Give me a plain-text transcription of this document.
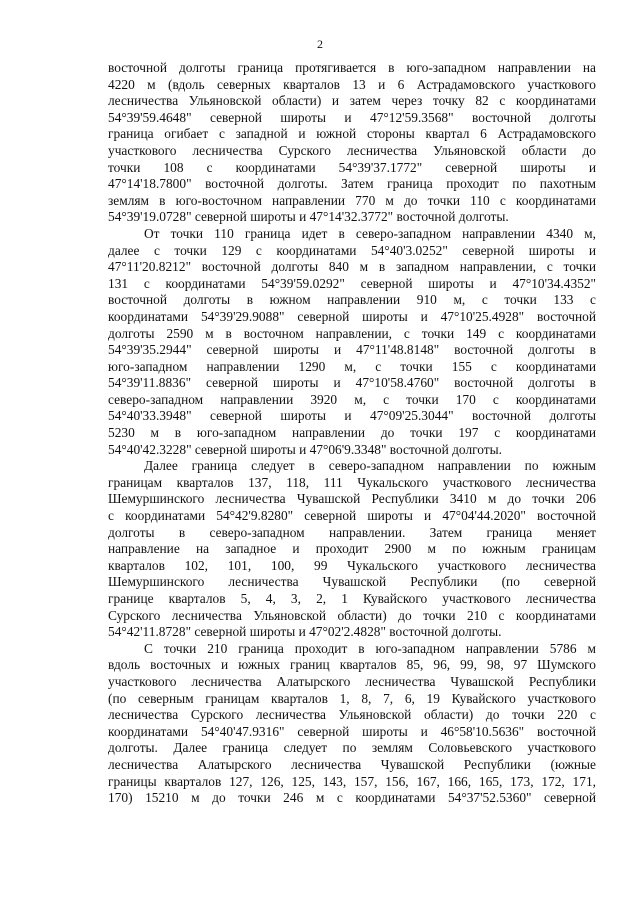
2
восточной долготы граница протягивается в юго-западном направлении на
4220 м (вдоль северных кварталов 13 и 6 Астрадамовского участкового
лесничества Ульяновской области) и затем через точку 82 с координатами
54°39'59.4648" северной широты и 47°12'59.3568" восточной долготы
граница огибает с западной и южной стороны квартал 6 Астрадамовского
участкового лесничества Сурского лесничества Ульяновской области до
точки 108 с координатами 54°39'37.1772" северной широты и
47°14'18.7800" восточной долготы. Затем граница проходит по пахотным
землям в юго-восточном направлении 770 м до точки 110 с координатами
54°39'19.0728" северной широты и 47°14'32.3772" восточной долготы.
От точки 110 граница идет в северо-западном направлении 4340 м,
далее с точки 129 с координатами 54°40'3.0252" северной широты и
47°11'20.8212" восточной долготы 840 м в западном направлении, с точки
131 с координатами 54°39'59.0292" северной широты и 47°10'34.4352"
восточной долготы в южном направлении 910 м, с точки 133 с
координатами 54°39'29.9088" северной широты и 47°10'25.4928" восточной
долготы 2590 м в восточном направлении, с точки 149 с координатами
54°39'35.2944" северной широты и 47°11'48.8148" восточной долготы в
юго-западном направлении 1290 м, с точки 155 с координатами
54°39'11.8836" северной широты и 47°10'58.4760" восточной долготы в
северо-западном направлении 3920 м, с точки 170 с координатами
54°40'33.3948" северной широты и 47°09'25.3044" восточной долготы
5230 м в юго-западном направлении до точки 197 с координатами
54°40'42.3228" северной широты и 47°06'9.3348" восточной долготы.
Далее граница следует в северо-западном направлении по южным
границам кварталов 137, 118, 111 Чукальского участкового лесничества
Шемуршинского лесничества Чувашской Республики 3410 м до точки 206
с координатами 54°42'9.8280" северной широты и 47°04'44.2020" восточной
долготы в северо-западном направлении. Затем граница меняет
направление на западное и проходит 2900 м по южным границам
кварталов 102, 101, 100, 99 Чукальского участкового лесничества
Шемуршинского лесничества Чувашской Республики (по северной
границе кварталов 5, 4, 3, 2, 1 Кувайского участкового лесничества
Сурского лесничества Ульяновской области) до точки 210 с координатами
54°42'11.8728" северной широты и 47°02'2.4828" восточной долготы.
С точки 210 граница проходит в юго-западном направлении 5786 м
вдоль восточных и южных границ кварталов 85, 96, 99, 98, 97 Шумского
участкового лесничества Алатырского лесничества Чувашской Республики
(по северным границам кварталов 1, 8, 7, 6, 19 Кувайского участкового
лесничества Сурского лесничества Ульяновской области) до точки 220 с
координатами 54°40'47.9316" северной широты и 46°58'10.5636" восточной
долготы. Далее граница следует по землям Соловьевского участкового
лесничества Алатырского лесничества Чувашской Республики (южные
границы кварталов 127, 126, 125, 143, 157, 156, 167, 166, 165, 173, 172, 171,
170) 15210 м до точки 246 м с координатами 54°37'52.5360" северной
